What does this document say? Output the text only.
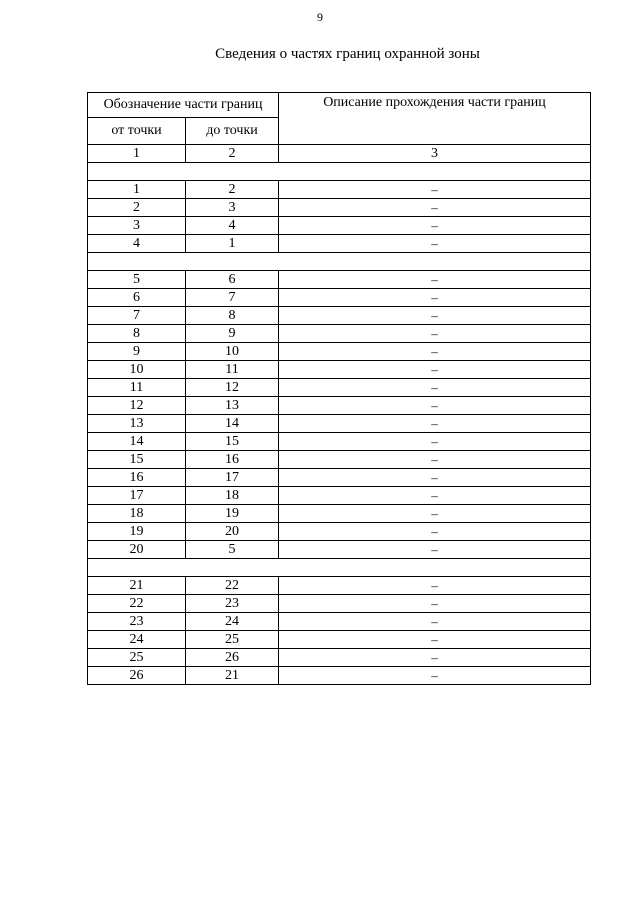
9
Сведения о частях границ охранной зоны
Обозначение части границ		Описание прохождения части границ
от точки	до точки	
1	2	3

1	2	–
2	3	–
3	4	–
4	1	–

5	6	–
6	7	–
7	8	–
8	9	–
9	10	–
10	11	–
11	12	–
12	13	–
13	14	–
14	15	–
15	16	–
16	17	–
17	18	–
18	19	–
19	20	–
20	5	–

21	22	–
22	23	–
23	24	–
24	25	–
25	26	–
26	21	–
